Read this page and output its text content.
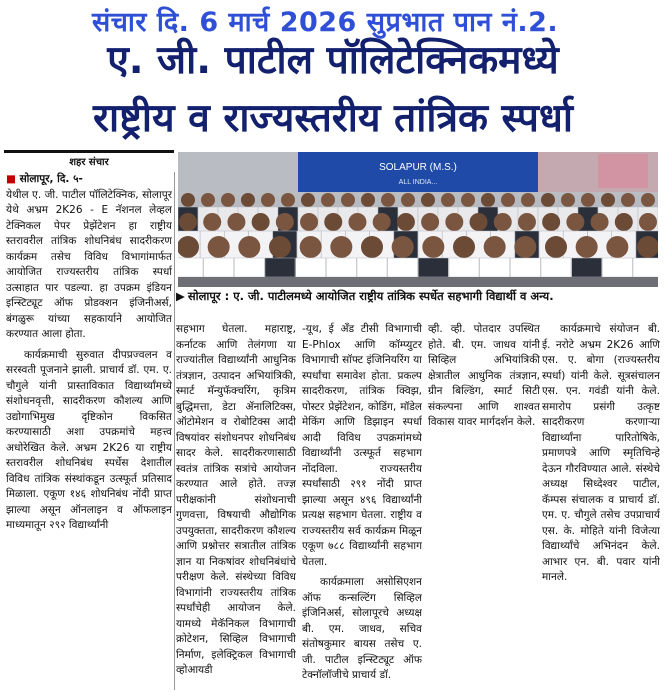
संचार दि. 6 मार्च 2026 सुप्रभात पान नं.2.
ए. जी. पाटील पॉलिटेक्निकमध्ये
राष्ट्रीय व राज्यस्तरीय तांत्रिक स्पर्धा
SOLAPUR (M.S.)
ALL INDIA...
▶ सोलापूर : ए. जी. पाटीलमध्ये आयोजित राष्ट्रीय तांत्रिक स्पर्धेत सहभागी विद्यार्थी व अन्य.
शहर संचार

■ सोलापूर, दि. ५-
येथील ए. जी. पाटील पॉलिटेक्निक, सोलापूर येथे अभ्रम 2K26 - E नॅशनल लेव्हल टेक्निकल पेपर प्रेझेंटेशन हा राष्ट्रीय स्तरावरील तांत्रिक शोधनिबंध सादरीकरण कार्यक्रम तसेच विविध विभागांमार्फत आयोजित राज्यस्तरीय तांत्रिक स्पर्धा उत्साहात पार पडल्या. हा उपक्रम इंडियन इन्स्टिट्यूट ऑफ प्रोडक्शन इंजिनीअर्स, बंगळुरू यांच्या सहकार्याने आयोजित करण्यात आला होता.

कार्यक्रमाची सुरुवात दीपप्रज्वलन व सरस्वती पूजनाने झाली. प्राचार्य डॉ. एम. ए. चौगुले यांनी प्रास्ताविकात विद्यार्थ्यांमध्ये संशोधनवृत्ती, सादरीकरण कौशल्य आणि उद्योगाभिमुख दृष्टिकोन विकसित करण्यासाठी अशा उपक्रमांचे महत्त्व अधोरेखित केले. अभ्रम 2K26 या राष्ट्रीय स्तरावरील शोधनिबंध स्पर्धेस देशातील विविध तांत्रिक संस्थांकडून उत्स्फूर्त प्रतिसाद मिळाला. एकूण १४६ शोधनिबंध नोंदी प्राप्त झाल्या असून ऑनलाइन व ऑफलाइन माध्यमातून २९२ विद्यार्थ्यांनी

सहभाग घेतला. महाराष्ट्र, कर्नाटक आणि तेलंगणा या राज्यांतील विद्यार्थ्यांनी आधुनिक तंत्रज्ञान, उत्पादन अभियांत्रिकी, स्मार्ट मॅन्युफॅक्चरिंग, कृत्रिम बुद्धिमत्ता, डेटा ॲनालिटिक्स, ऑटोमेशन व रोबोटिक्स आदी विषयांवर संशोधनपर शोधनिबंध सादर केले. सादरीकरणासाठी स्वतंत्र तांत्रिक सत्रांचे आयोजन करण्यात आले होते. तज्ज्ञ परीक्षकांनी संशोधनाची गुणवत्ता, विषयाची औद्योगिक उपयुक्तता, सादरीकरण कौशल्य आणि प्रश्नोत्तर सत्रातील तांत्रिक ज्ञान या निकषांवर शोधनिबंधांचे परीक्षण केले. संस्थेच्या विविध विभागांनी राज्यस्तरीय तांत्रिक स्पर्धांचेही आयोजन केले. यामध्ये मेकॅनिकल विभागाची क्रोटेशन, सिव्हिल विभागाची निर्माण, इलेक्ट्रिकल विभागाची व्होआयडी

-यूथ, ई अँड टीसी विभागाची E-Phlox आणि कॉम्प्युटर विभागाची सॉफ्ट इंजिनियरिंग या स्पर्धांचा समावेश होता. प्रकल्प सादरीकरण, तांत्रिक क्विझ, पोस्टर प्रेझेंटेशन, कोडिंग, मॉडेल मेकिंग आणि डिझाइन स्पर्धा आदी विविध उपक्रमांमध्ये विद्यार्थ्यांनी उत्स्फूर्त सहभाग नोंदविला. राज्यस्तरीय स्पर्धांसाठी २९१ नोंदी प्राप्त झाल्या असून ४९६ विद्यार्थ्यांनी प्रत्यक्ष सहभाग घेतला. राष्ट्रीय व राज्यस्तरीय सर्व कार्यक्रम मिळून एकूण ७८८ विद्यार्थ्यांनी सहभाग घेतला.

कार्यक्रमाला असोसिएशन ऑफ कन्सल्टिंग सिव्हिल इंजिनिअर्स, सोलापूरचे अध्यक्ष बी. एम. जाधव, सचिव संतोषकुमार बायस तसेच ए. जी. पाटील इन्स्टिट्यूट ऑफ टेक्नॉलॉजीचे प्राचार्य डॉ.

व्ही. व्ही. पोतदार उपस्थित होते. बी. एम. जाधव यांनी सिव्हिल अभियांत्रिकी क्षेत्रातील आधुनिक तंत्रज्ञान, ग्रीन बिल्डिंग, स्मार्ट सिटी संकल्पना आणि शाश्वत विकास यावर मार्गदर्शन केले.

कार्यक्रमाचे संयोजन बी. ई. नरोटे अभ्रम 2K26 आणि एस. ए. बोगा (राज्यस्तरीय स्पर्धा) यांनी केले. सूत्रसंचालन एस. एन. गवंडी यांनी केले. समारोप प्रसंगी उत्कृष्ट सादरीकरण करणाऱ्या विद्यार्थ्यांना पारितोषिके, प्रमाणपत्रे आणि स्मृतिचिन्हे देऊन गौरविण्यात आले. संस्थेचे अध्यक्ष सिध्देश्वर पाटील, कॅम्पस संचालक व प्राचार्य डॉ. एम. ए. चौगुले तसेच उपप्राचार्य एस. के. मोहिते यांनी विजेत्या विद्यार्थ्यांचे अभिनंदन केले. आभार एन. बी. पवार यांनी मानले.
